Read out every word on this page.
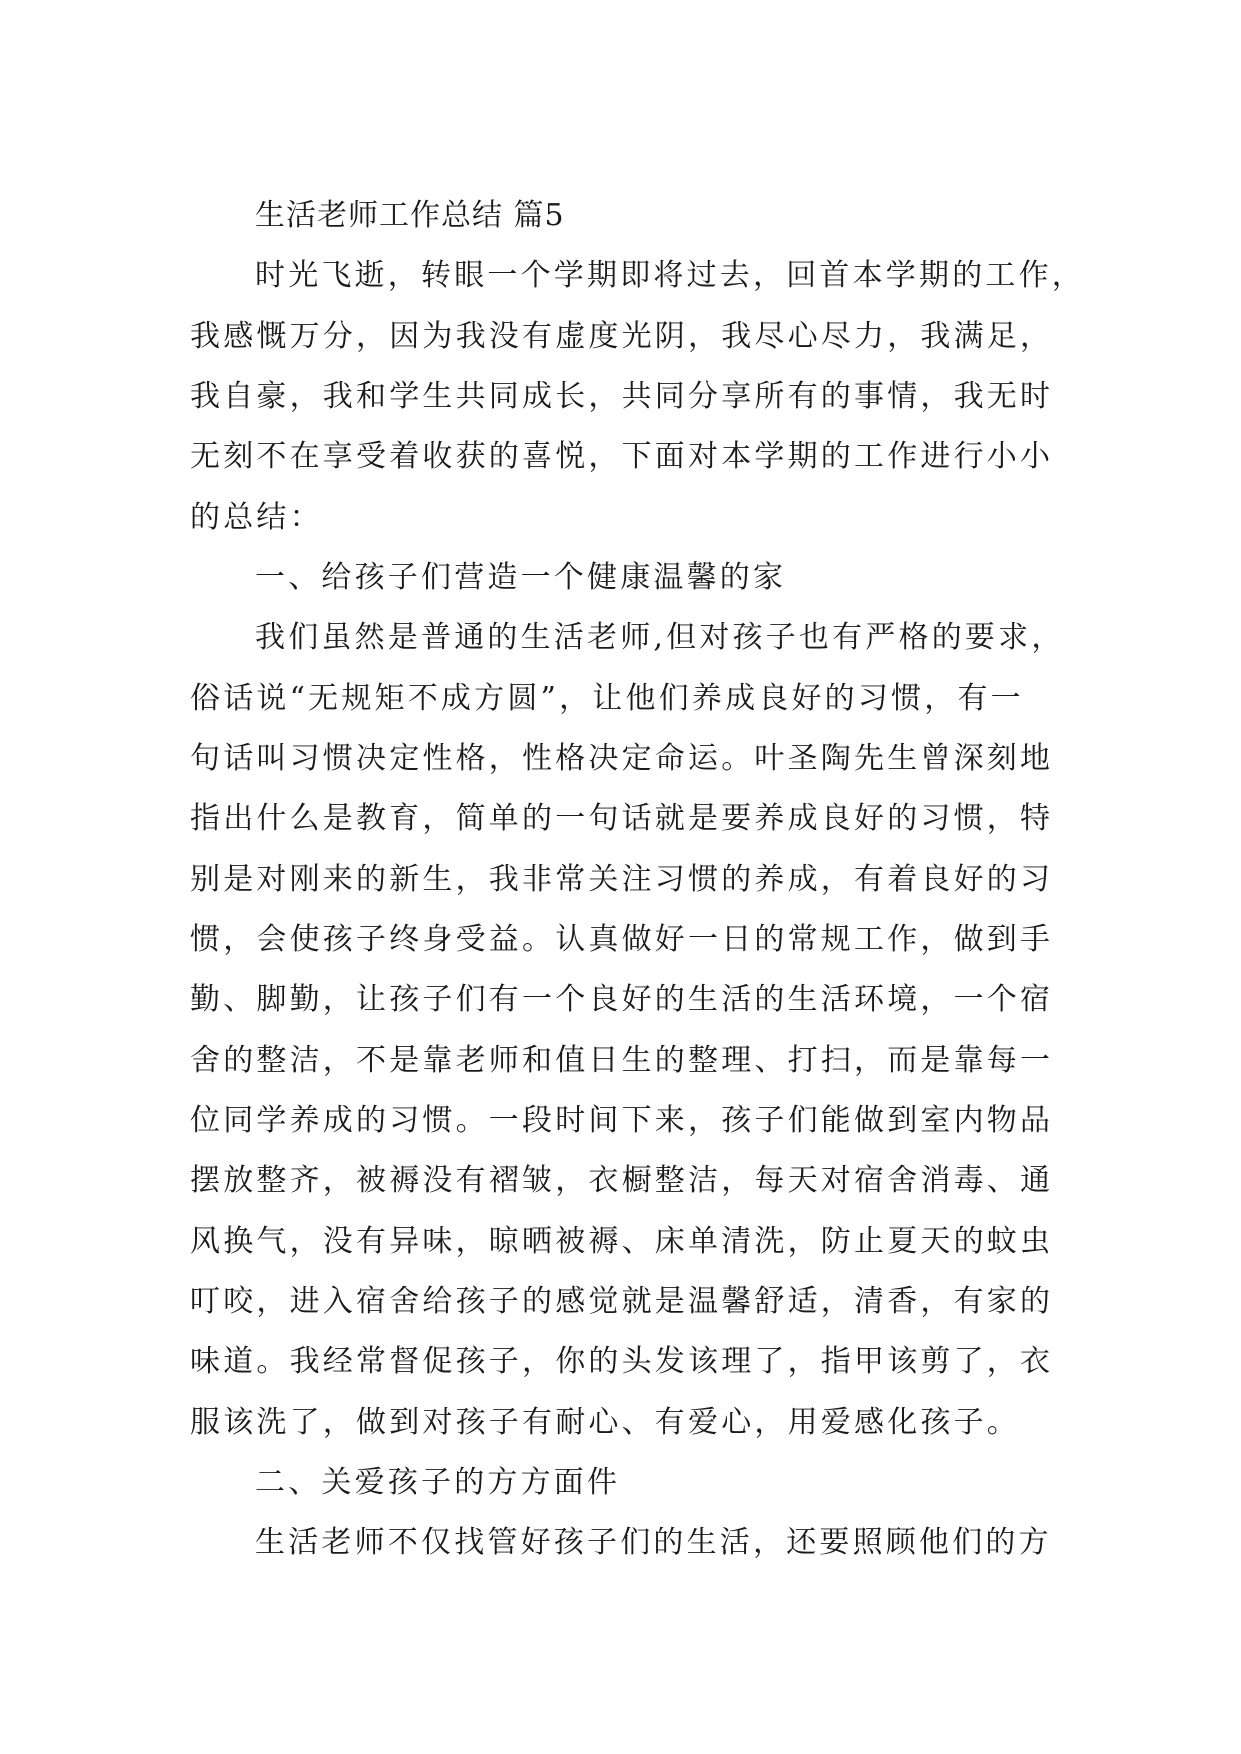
生活老师工作总结 篇5
时光飞逝，转眼一个学期即将过去，回首本学期的工作，
我感慨万分，因为我没有虚度光阴，我尽心尽力，我满足，
我自豪，我和学生共同成长，共同分享所有的事情，我无时
无刻不在享受着收获的喜悦，下面对本学期的工作进行小小
的总结：
一、给孩子们营造一个健康温馨的家
我们虽然是普通的生活老师,但对孩子也有严格的要求，
俗话说“无规矩不成方圆”，让他们养成良好的习惯，有一
句话叫习惯决定性格，性格决定命运。叶圣陶先生曾深刻地
指出什么是教育，简单的一句话就是要养成良好的习惯，特
别是对刚来的新生，我非常关注习惯的养成，有着良好的习
惯，会使孩子终身受益。认真做好一日的常规工作，做到手
勤、脚勤，让孩子们有一个良好的生活的生活环境，一个宿
舍的整洁，不是靠老师和值日生的整理、打扫，而是靠每一
位同学养成的习惯。一段时间下来，孩子们能做到室内物品
摆放整齐，被褥没有褶皱，衣橱整洁，每天对宿舍消毒、通
风换气，没有异味，晾晒被褥、床单清洗，防止夏天的蚊虫
叮咬，进入宿舍给孩子的感觉就是温馨舒适，清香，有家的
味道。我经常督促孩子，你的头发该理了，指甲该剪了，衣
服该洗了，做到对孩子有耐心、有爱心，用爱感化孩子。
二、关爱孩子的方方面件
生活老师不仅找管好孩子们的生活，还要照顾他们的方
